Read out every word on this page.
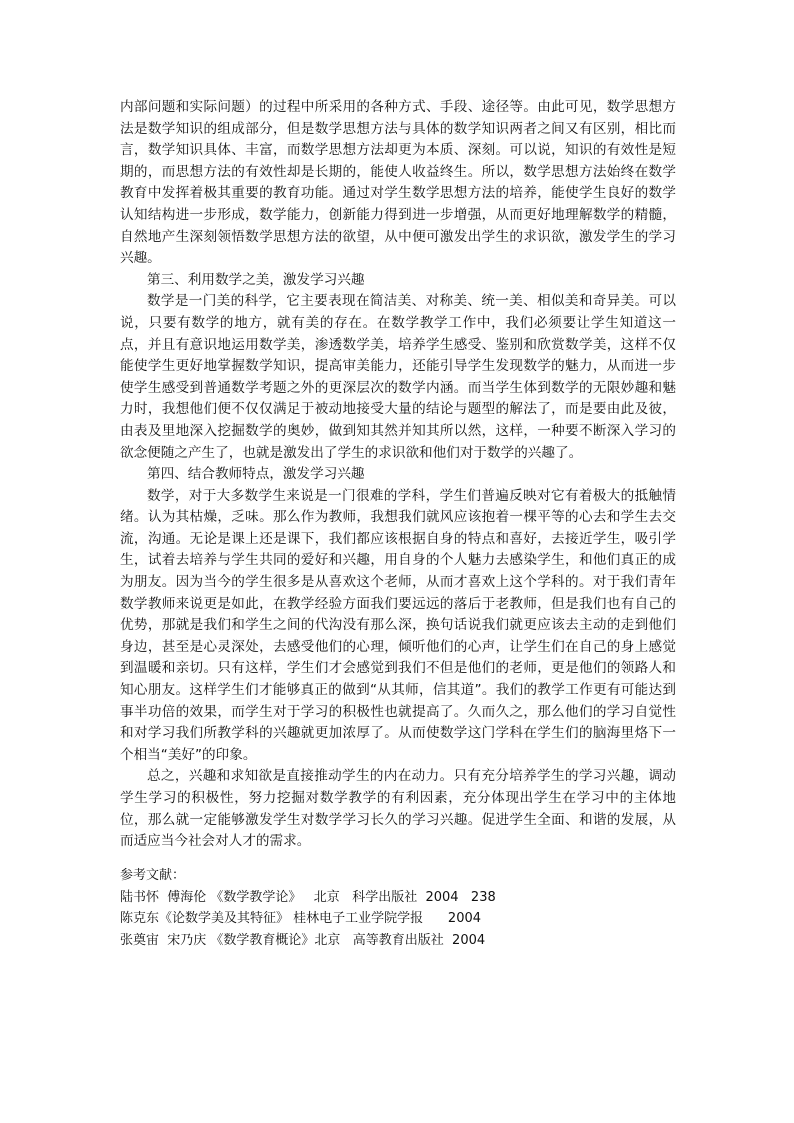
内部问题和实际问题）的过程中所采用的各种方式、手段、途径等。由此可见，数学思想方法是数学知识的组成部分，但是数学思想方法与具体的数学知识两者之间又有区别，相比而言，数学知识具体、丰富，而数学思想方法却更为本质、深刻。可以说，知识的有效性是短期的，而思想方法的有效性却是长期的，能使人收益终生。所以，数学思想方法始终在数学教育中发挥着极其重要的教育功能。通过对学生数学思想方法的培养，能使学生良好的数学认知结构进一步形成，数学能力，创新能力得到进一步增强，从而更好地理解数学的精髓，自然地产生深刻领悟数学思想方法的欲望，从中便可激发出学生的求识欲，激发学生的学习兴趣。

第三、利用数学之美，激发学习兴趣

数学是一门美的科学，它主要表现在简洁美、对称美、统一美、相似美和奇异美。可以说，只要有数学的地方，就有美的存在。在数学教学工作中，我们必须要让学生知道这一点，并且有意识地运用数学美，渗透数学美，培养学生感受、鉴别和欣赏数学美，这样不仅能使学生更好地掌握数学知识，提高审美能力，还能引导学生发现数学的魅力，从而进一步使学生感受到普通数学考题之外的更深层次的数学内涵。而当学生体到数学的无限妙趣和魅力时，我想他们便不仅仅满足于被动地接受大量的结论与题型的解法了，而是要由此及彼，由表及里地深入挖掘数学的奥妙，做到知其然并知其所以然，这样，一种要不断深入学习的欲念便随之产生了，也就是激发出了学生的求识欲和他们对于数学的兴趣了。

第四、结合教师特点，激发学习兴趣

数学，对于大多数学生来说是一门很难的学科，学生们普遍反映对它有着极大的抵触情绪。认为其枯燥，乏味。那么作为教师，我想我们就风应该抱着一棵平等的心去和学生去交流，沟通。无论是课上还是课下，我们都应该根据自身的特点和喜好，去接近学生，吸引学生，试着去培养与学生共同的爱好和兴趣，用自身的个人魅力去感染学生，和他们真正的成为朋友。因为当今的学生很多是从喜欢这个老师，从而才喜欢上这个学科的。对于我们青年数学教师来说更是如此，在教学经验方面我们要远远的落后于老教师，但是我们也有自己的优势，那就是我们和学生之间的代沟没有那么深，换句话说我们就更应该去主动的走到他们身边，甚至是心灵深处，去感受他们的心理，倾听他们的心声，让学生们在自己的身上感觉到温暖和亲切。只有这样，学生们才会感觉到我们不但是他们的老师，更是他们的领路人和知心朋友。这样学生们才能够真正的做到“从其师，信其道”。我们的教学工作更有可能达到事半功倍的效果，而学生对于学习的积极性也就提高了。久而久之，那么他们的学习自觉性和对学习我们所教学科的兴趣就更加浓厚了。从而使数学这门学科在学生们的脑海里烙下一个相当“美好”的印象。

总之，兴趣和求知欲是直接推动学生的内在动力。只有充分培养学生的学习兴趣，调动学生学习的积极性，努力挖掘对数学教学的有利因素，充分体现出学生在学习中的主体地位，那么就一定能够激发学生对数学学习长久的学习兴趣。促进学生全面、和谐的发展，从而适应当今社会对人才的需求。

参考文献：
陆书怀  傅海伦 《数学教学论》   北京   科学出版社  2004   238
陈克东《论数学美及其特征》 桂林电子工业学院学报      2004
张奠宙  宋乃庆 《数学教育概论》北京   高等教育出版社  2004
